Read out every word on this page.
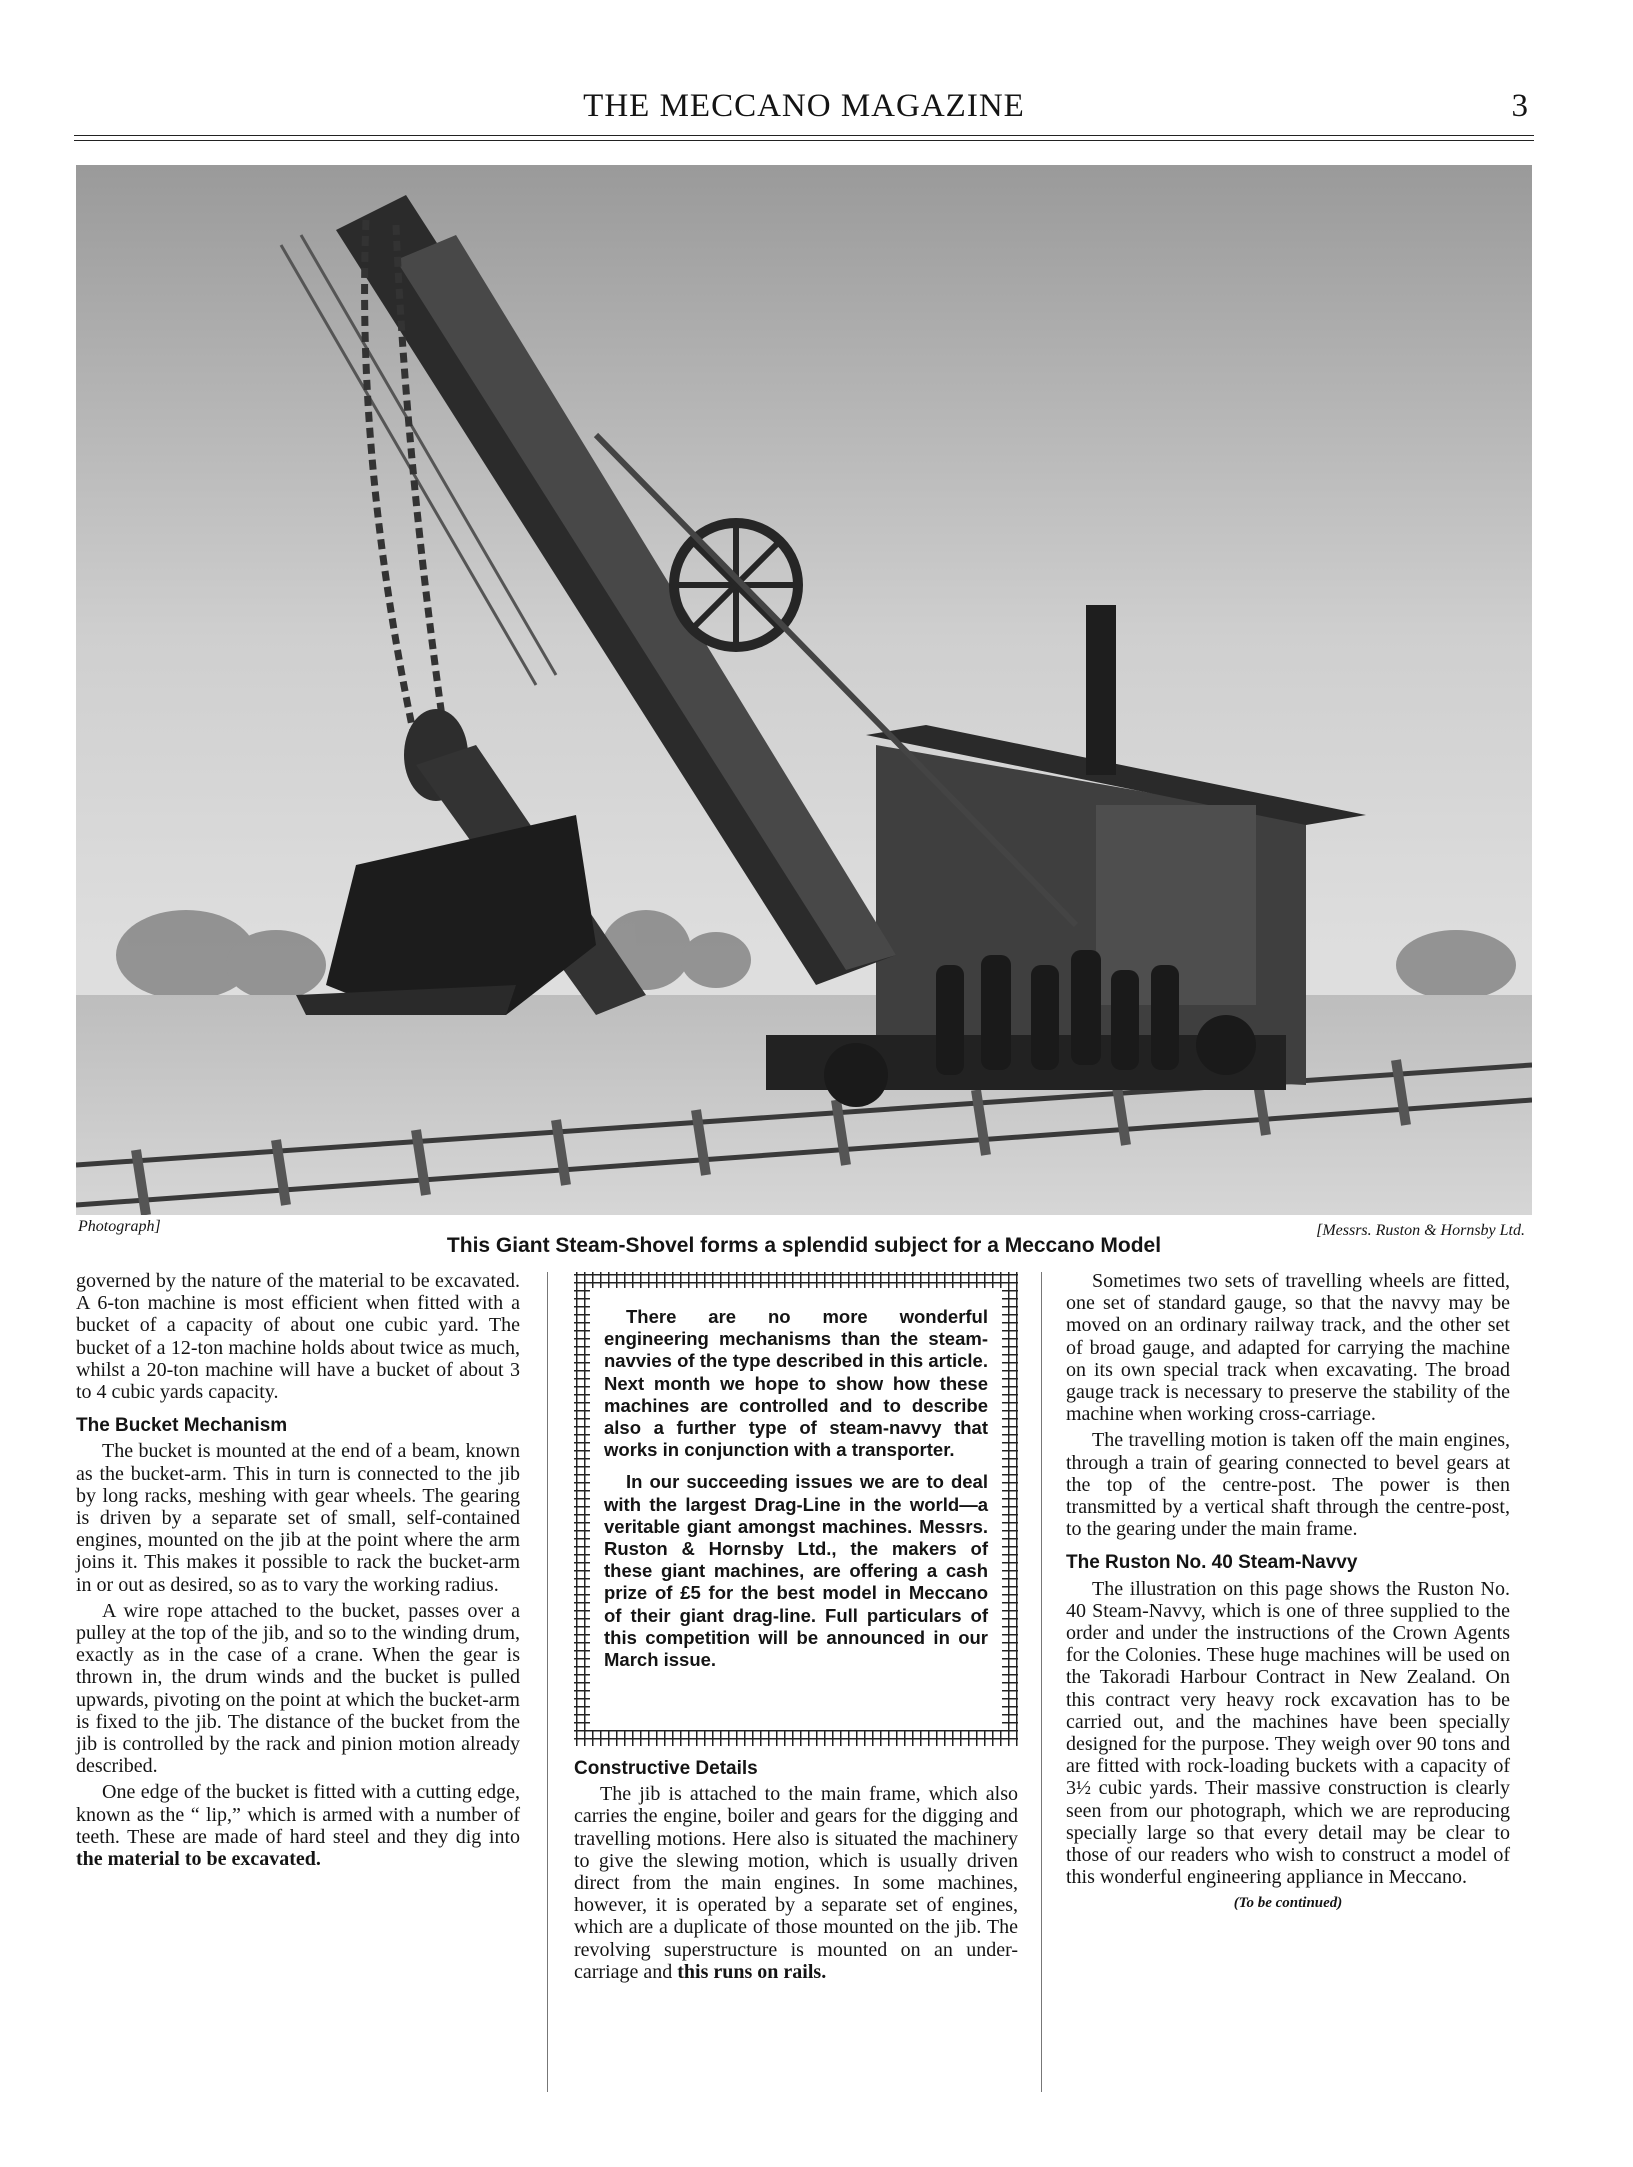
THE MECCANO MAGAZINE	3
Photograph]	[Messrs. Ruston & Hornsby Ltd.
This Giant Steam-Shovel forms a splendid subject for a Meccano Model

governed by the nature of the material to be excavated. A 6-ton machine is most efficient when fitted with a bucket of a capacity of about one cubic yard. The bucket of a 12-ton machine holds about twice as much, whilst a 20-ton machine will have a bucket of about 3 to 4 cubic yards capacity.

The Bucket Mechanism

The bucket is mounted at the end of a beam, known as the bucket-arm. This in turn is connected to the jib by long racks, meshing with gear wheels. The gearing is driven by a separate set of small, self-contained engines, mounted on the jib at the point where the arm joins it. This makes it possible to rack the bucket-arm in or out as desired, so as to vary the working radius.

A wire rope attached to the bucket, passes over a pulley at the top of the jib, and so to the winding drum, exactly as in the case of a crane. When the gear is thrown in, the drum winds and the bucket is pulled upwards, pivoting on the point at which the bucket-arm is fixed to the jib. The distance of the bucket from the jib is controlled by the rack and pinion motion already described.

One edge of the bucket is fitted with a cutting edge, known as the “ lip,” which is armed with a number of teeth. These are made of hard steel and they dig into the material to be excavated.

There are no more wonderful engineering mechanisms than the steam-navvies of the type described in this article. Next month we hope to show how these machines are controlled and to describe also a further type of steam-navvy that works in conjunction with a transporter.

In our succeeding issues we are to deal with the largest Drag-Line in the world—a veritable giant amongst machines. Messrs. Ruston & Hornsby Ltd., the makers of these giant machines, are offering a cash prize of £5 for the best model in Meccano of their giant drag-line. Full particulars of this competition will be announced in our March issue.

Constructive Details

The jib is attached to the main frame, which also carries the engine, boiler and gears for the digging and travelling motions. Here also is situated the machinery to give the slewing motion, which is usually driven direct from the main engines. In some machines, however, it is operated by a separate set of engines, which are a duplicate of those mounted on the jib. The revolving superstructure is mounted on an under-carriage and this runs on rails.

Sometimes two sets of travelling wheels are fitted, one set of standard gauge, so that the navvy may be moved on an ordinary railway track, and the other set of broad gauge, and adapted for carrying the machine on its own special track when excavating. The broad gauge track is necessary to preserve the stability of the machine when working cross-carriage.

The travelling motion is taken off the main engines, through a train of gearing connected to bevel gears at the top of the centre-post. The power is then transmitted by a vertical shaft through the centre-post, to the gearing under the main frame.

The Ruston No. 40 Steam-Navvy

The illustration on this page shows the Ruston No. 40 Steam-Navvy, which is one of three supplied to the order and under the instructions of the Crown Agents for the Colonies. These huge machines will be used on the Takoradi Harbour Contract in New Zealand. On this contract very heavy rock excavation has to be carried out, and the machines have been specially designed for the purpose. They weigh over 90 tons and are fitted with rock-loading buckets with a capacity of 3½ cubic yards. Their massive construction is clearly seen from our photograph, which we are reproducing specially large so that every detail may be clear to those of our readers who wish to construct a model of this wonderful engineering appliance in Meccano.

(To be continued)
